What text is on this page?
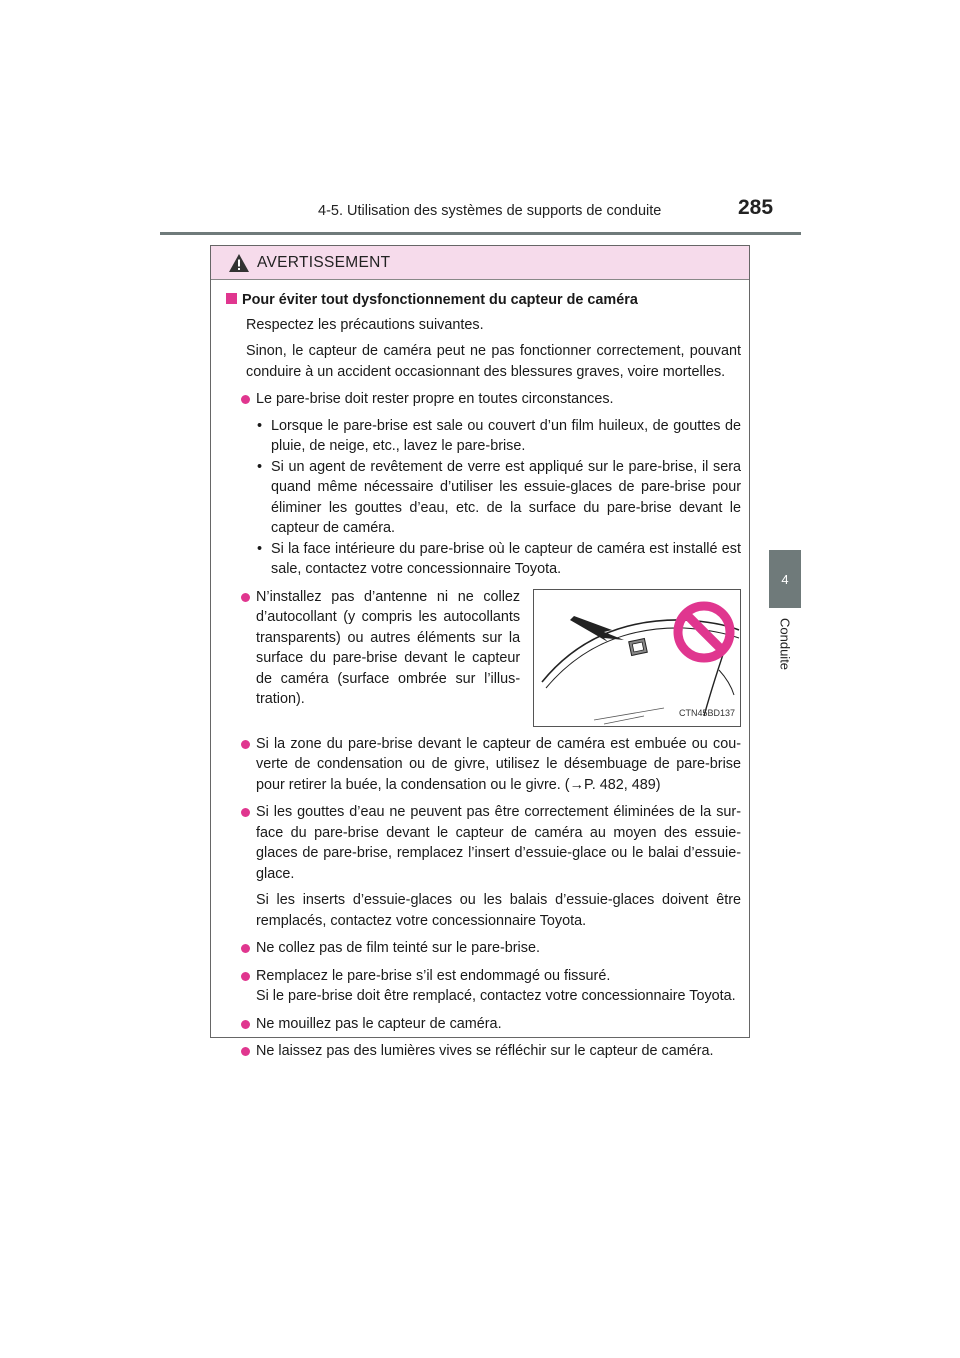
4-5. Utilisation des systèmes de supports de conduite	285
4
Conduite
AVERTISSEMENT
Pour éviter tout dysfonctionnement du capteur de caméra
Respectez les précautions suivantes.
Sinon, le capteur de caméra peut ne pas fonctionner correctement, pouvant conduire à un accident occasionnant des blessures graves, voire mortelles.
Le pare-brise doit rester propre en toutes circonstances.
• Lorsque le pare-brise est sale ou couvert d’un film huileux, de gouttes de pluie, de neige, etc., lavez le pare-brise.
• Si un agent de revêtement de verre est appliqué sur le pare-brise, il sera quand même nécessaire d’utiliser les essuie-glaces de pare-brise pour éliminer les gouttes d’eau, etc. de la surface du pare-brise devant le capteur de caméra.
• Si la face intérieure du pare-brise où le capteur de caméra est installé est sale, contactez votre concessionnaire Toyota.
N’installez pas d’antenne ni ne collez d’autocollant (y compris les autocollants transparents) ou autres éléments sur la surface du pare-brise devant le capteur de caméra (surface ombrée sur l’illus-tration).
CTN45BD137
Si la zone du pare-brise devant le capteur de caméra est embuée ou cou-verte de condensation ou de givre, utilisez le désembuage de pare-brise pour retirer la buée, la condensation ou le givre. (→P. 482, 489)
Si les gouttes d’eau ne peuvent pas être correctement éliminées de la sur-face du pare-brise devant le capteur de caméra au moyen des essuie-glaces de pare-brise, remplacez l’insert d’essuie-glace ou le balai d’essuie-glace.
Si les inserts d’essuie-glaces ou les balais d’essuie-glaces doivent être remplacés, contactez votre concessionnaire Toyota.
Ne collez pas de film teinté sur le pare-brise.
Remplacez le pare-brise s’il est endommagé ou fissuré.
Si le pare-brise doit être remplacé, contactez votre concessionnaire Toyota.
Ne mouillez pas le capteur de caméra.
Ne laissez pas des lumières vives se réfléchir sur le capteur de caméra.
